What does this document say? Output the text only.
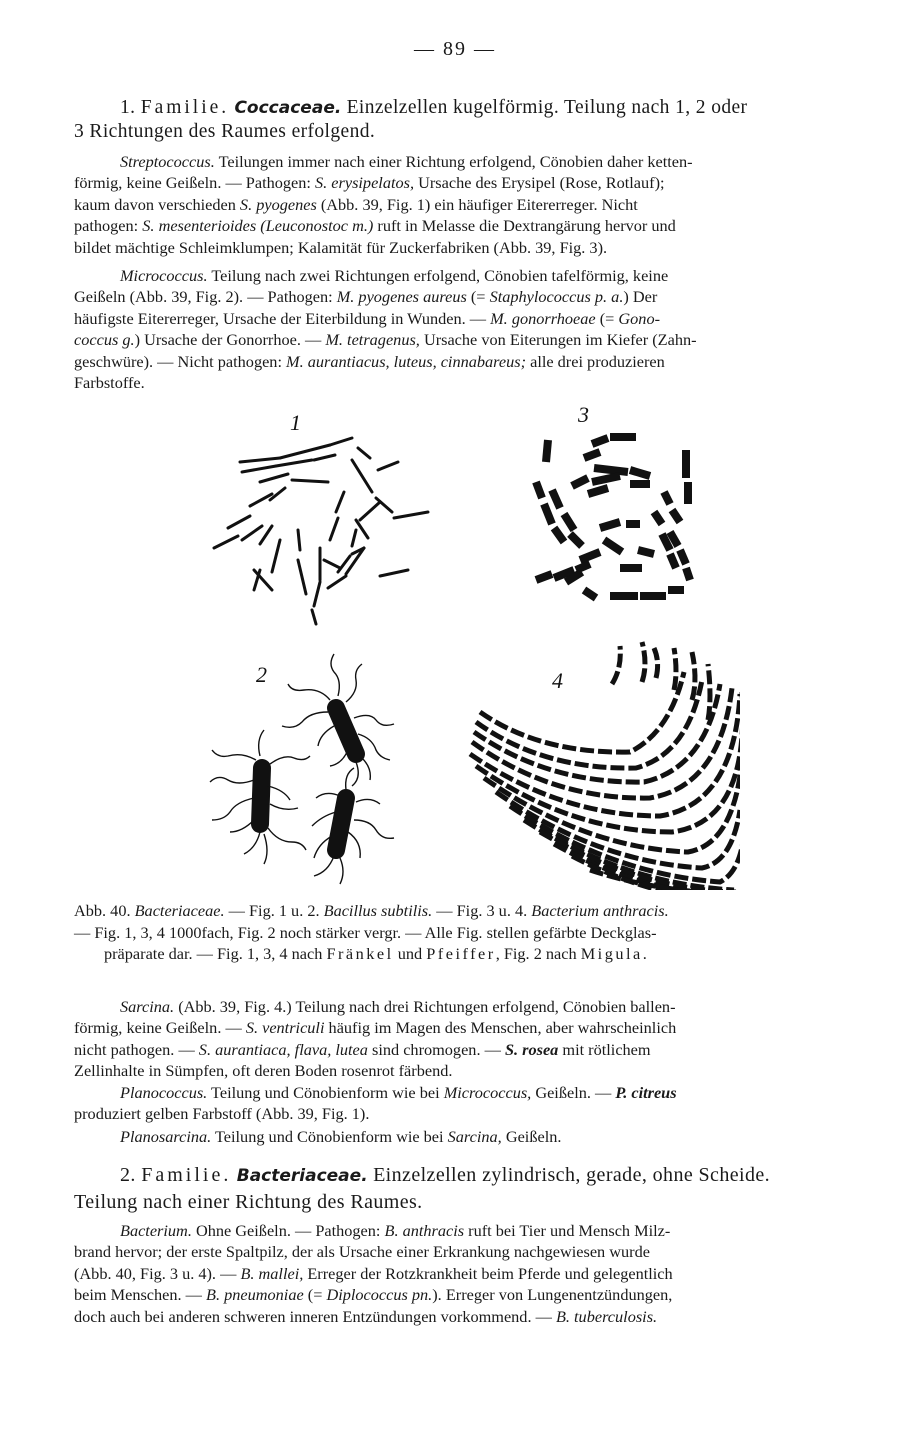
— 89 —

1. Familie. Coccaceae. Einzelzellen kugelförmig. Teilung nach 1, 2 oder

3 Richtungen des Raumes erfolgend.

Streptococcus. Teilungen immer nach einer Richtung erfolgend, Cönobien daher ketten-

förmig, keine Geißeln. — Pathogen: S. erysipelatos, Ursache des Erysipel (Rose, Rotlauf);

kaum davon verschieden S. pyogenes (Abb. 39, Fig. 1) ein häufiger Eitererreger. Nicht

pathogen: S. mesenterioides (Leuconostoc m.) ruft in Melasse die Dextrangärung hervor und

bildet mächtige Schleimklumpen; Kalamität für Zuckerfabriken (Abb. 39, Fig. 3).

Micrococcus. Teilung nach zwei Richtungen erfolgend, Cönobien tafelförmig, keine

Geißeln (Abb. 39, Fig. 2). — Pathogen: M. pyogenes aureus (= Staphylococcus p. a.) Der

häufigste Eitererreger, Ursache der Eiterbildung in Wunden. — M. gonorrhoeae (= Gono-

coccus g.) Ursache der Gonorrhoe. — M. tetragenus, Ursache von Eiterungen im Kiefer (Zahn-

geschwüre). — Nicht pathogen: M. aurantiacus, luteus, cinnabareus; alle drei produzieren

Farbstoffe.

1	3
2	4
Abb. 40. Bacteriaceae. — Fig. 1 u. 2. Bacillus subtilis. — Fig. 3 u. 4. Bacterium anthracis.
— Fig. 1, 3, 4 1000fach, Fig. 2 noch stärker vergr. — Alle Fig. stellen gefärbte Deckglas-
präparate dar. — Fig. 1, 3, 4 nach Fränkel und Pfeiffer, Fig. 2 nach Migula.

Sarcina. (Abb. 39, Fig. 4.) Teilung nach drei Richtungen erfolgend, Cönobien ballen-

förmig, keine Geißeln. — S. ventriculi häufig im Magen des Menschen, aber wahrscheinlich

nicht pathogen. — S. aurantiaca, flava, lutea sind chromogen. — S. rosea mit rötlichem

Zellinhalte in Sümpfen, oft deren Boden rosenrot färbend.

Planococcus. Teilung und Cönobienform wie bei Micrococcus, Geißeln. — P. citreus

produziert gelben Farbstoff (Abb. 39, Fig. 1).

Planosarcina. Teilung und Cönobienform wie bei Sarcina, Geißeln.

2. Familie. Bacteriaceae. Einzelzellen zylindrisch, gerade, ohne Scheide.

Teilung nach einer Richtung des Raumes.

Bacterium. Ohne Geißeln. — Pathogen: B. anthracis ruft bei Tier und Mensch Milz-

brand hervor; der erste Spaltpilz, der als Ursache einer Erkrankung nachgewiesen wurde

(Abb. 40, Fig. 3 u. 4). — B. mallei, Erreger der Rotzkrankheit beim Pferde und gelegentlich

beim Menschen. — B. pneumoniae (= Diplococcus pn.). Erreger von Lungenentzündungen,

doch auch bei anderen schweren inneren Entzündungen vorkommend. — B. tuberculosis.
